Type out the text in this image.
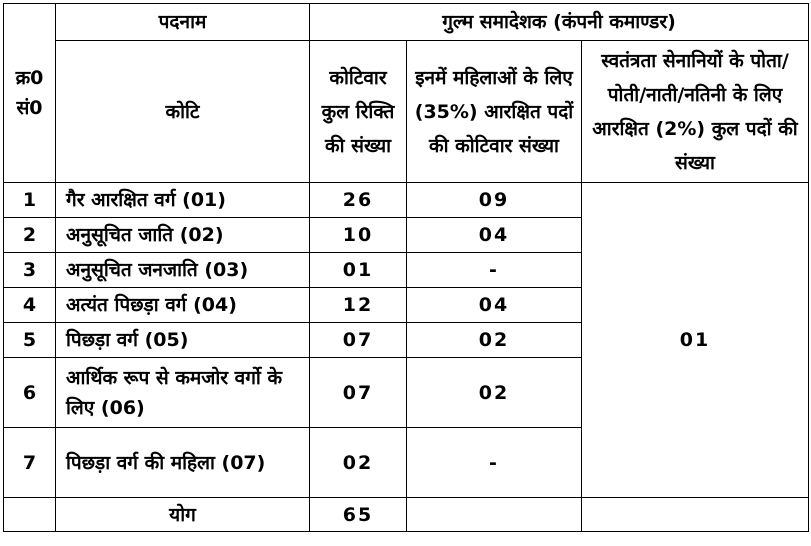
क्र0 सं0	पदनाम	गुल्म समादेशक (कंपनी कमाण्डर)		
	कोटि	कोटिवार कुल रिक्ति की संख्या	इनमें महिलाओं के लिए (35%) आरक्षित पदों की कोटिवार संख्या	स्वतंत्रता सेनानियों के पोता/पोती/नाती/नतिनी के लिए आरक्षित (2%) कुल पदों की संख्या
1	गैर आरक्षित वर्ग (01)	26	09	01
2	अनुसूचित जाति (02)	10	04	
3	अनुसूचित जनजाति (03)	01	-	
4	अत्यंत पिछड़ा वर्ग (04)	12	04	
5	पिछड़ा वर्ग (05)	07	02	
6	आर्थिक रूप से कमजोर वर्गो के लिए (06)	07	02	
7	पिछड़ा वर्ग की महिला (07)	02	-	
	योग	65		
